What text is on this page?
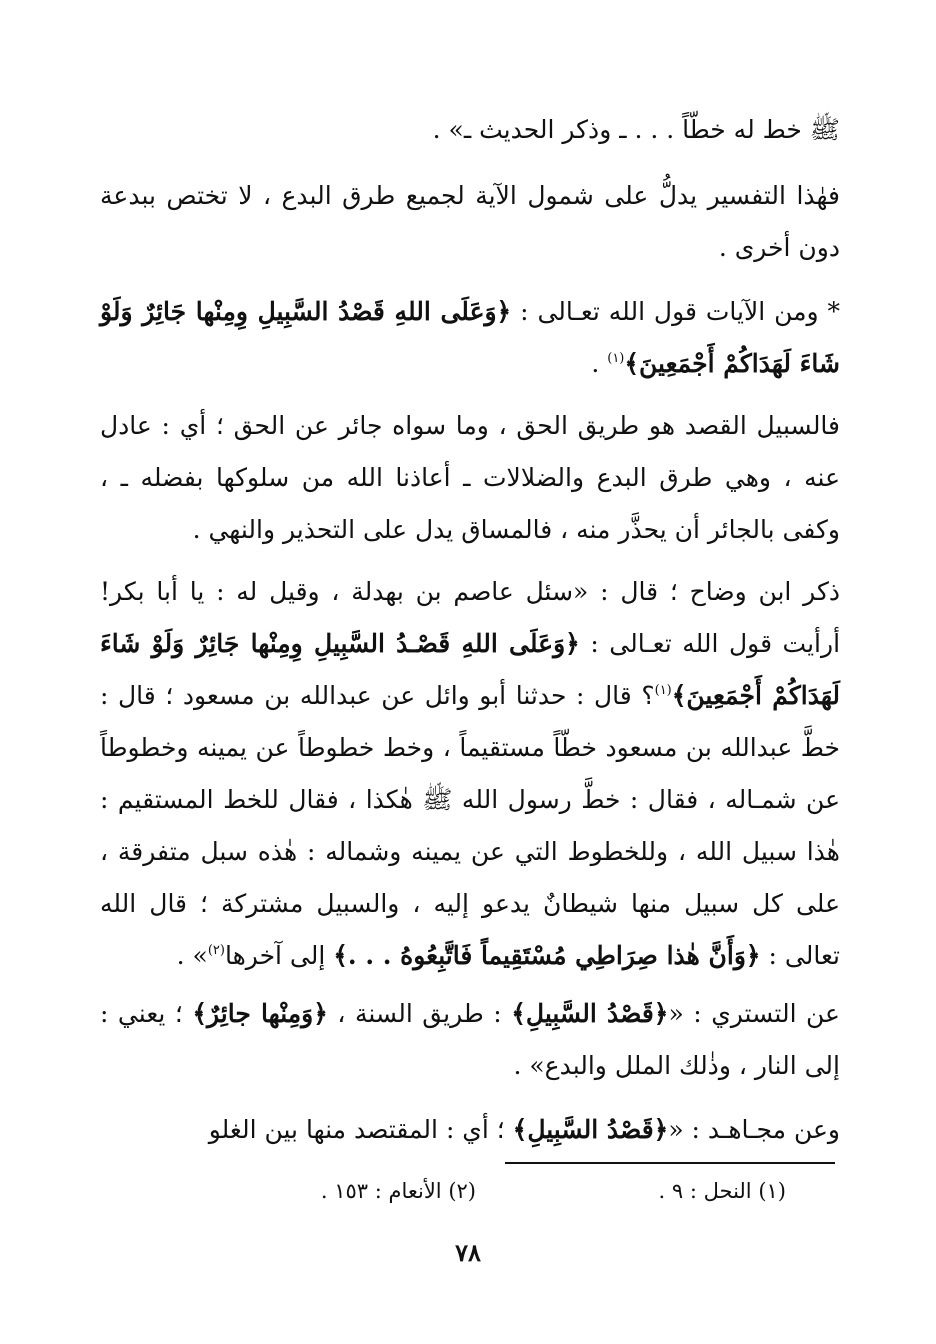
ﷺ خط له خطّاً . . . ـ وذكر الحديث ـ» .

فهٰذا التفسير يدلُّ على شمول الآية لجميع طرق البدع ، لا تختص ببدعة دون أخرى .

* ومن الآيات قول الله تعـالى : ﴿وَعَلَى اللهِ قَصْدُ السَّبِيلِ وِمِنْها جَائِرٌ وَلَوْ شَاءَ لَهَدَاكُمْ أَجْمَعِينَ﴾$^{(١)}$ .

فالسبيل القصد هو طريق الحق ، وما سواه جائر عن الحق ؛ أي : عادل عنه ، وهي طرق البدع والضلالات ـ أعاذنا الله من سلوكها بفضله ـ ، وكفى بالجائر أن يحذَّر منه ، فالمساق يدل على التحذير والنهي .

ذكر ابن وضاح ؛ قال : «سئل عاصم بن بهدلة ، وقيل له : يا أبا بكر! أرأيت قول الله تعـالى : ﴿وَعَلَى اللهِ قَصْـدُ السَّبِيلِ وِمِنْها جَائِرٌ وَلَوْ شَاءَ لَهَدَاكُمْ أَجْمَعِينَ﴾$^{(١)}$؟ قال : حدثنا أبو وائل عن عبدالله بن مسعود ؛ قال : خطَّ عبدالله بن مسعود خطّاً مستقيماً ، وخط خطوطاً عن يمينه وخطوطاً عن شمـاله ، فقال : خطَّ رسول الله ﷺ هٰكذا ، فقال للخط المستقيم : هٰذا سبيل الله ، وللخطوط التي عن يمينه وشماله : هٰذه سبل متفرقة ، على كل سبيل منها شيطانٌ يدعو إليه ، والسبيل مشتركة ؛ قال الله تعالى : ﴿وَأَنَّ هٰذا صِرَاطِي مُسْتَقِيماً فَاتَّبِعُوهُ . . .﴾ إلى آخرها$^{(٢)}$» .

عن التستري : «﴿قَصْدُ السَّبِيلِ﴾ : طريق السنة ، ﴿وَمِنْها جائِرٌ﴾ ؛ يعني : إلى النار ، وذٰلك الملل والبدع» .

وعن مجـاهـد : «﴿قَصْدُ السَّبِيلِ﴾ ؛ أي : المقتصد منها بين الغلو

(١) النحل : ٩ .
(٢) الأنعام : ١٥٣ .
٧٨
